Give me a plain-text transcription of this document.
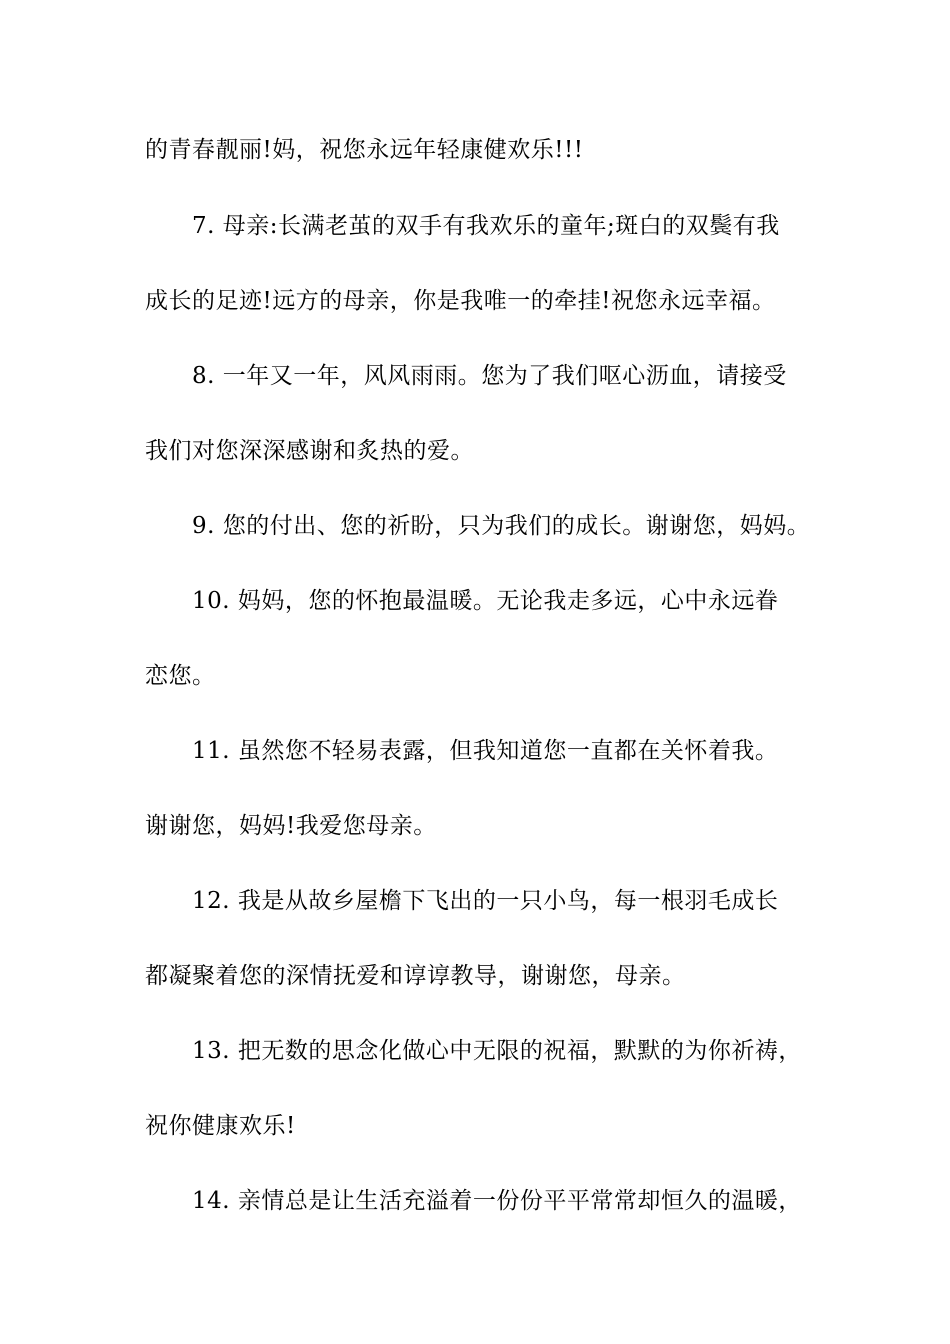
的青春靓丽!妈，祝您永远年轻康健欢乐!!!
7. 母亲:长满老茧的双手有我欢乐的童年;斑白的双鬓有我
成长的足迹!远方的母亲，你是我唯一的牵挂!祝您永远幸福。
8. 一年又一年，风风雨雨。您为了我们呕心沥血，请接受
我们对您深深感谢和炙热的爱。
9. 您的付出、您的祈盼，只为我们的成长。谢谢您，妈妈。
10. 妈妈，您的怀抱最温暖。无论我走多远，心中永远眷
恋您。
11. 虽然您不轻易表露，但我知道您一直都在关怀着我。
谢谢您，妈妈!我爱您母亲。
12. 我是从故乡屋檐下飞出的一只小鸟，每一根羽毛成长
都凝聚着您的深情抚爱和谆谆教导，谢谢您，母亲。
13. 把无数的思念化做心中无限的祝福，默默的为你祈祷，
祝你健康欢乐!
14. 亲情总是让生活充溢着一份份平平常常却恒久的温暖，
